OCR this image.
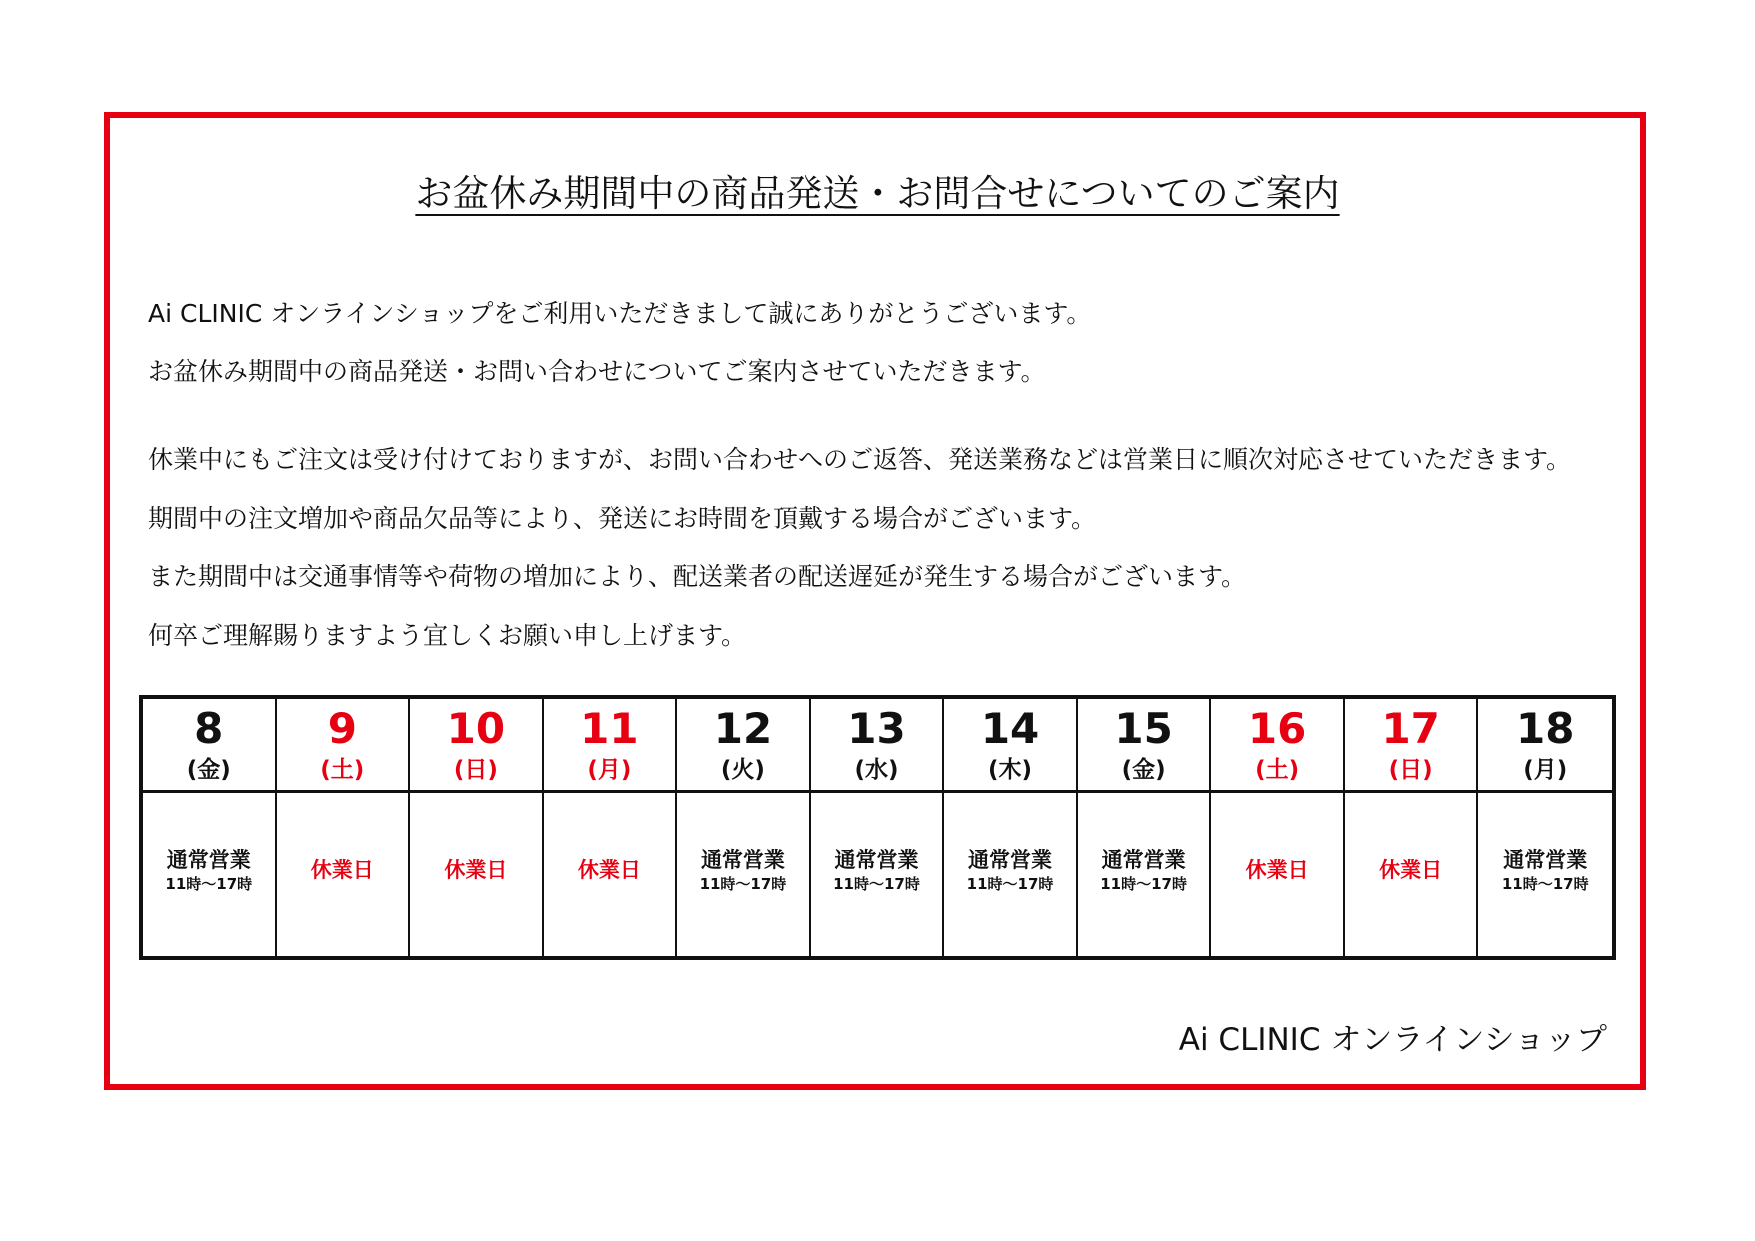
お盆休み期間中の商品発送・お問合せについてのご案内
Ai CLINIC オンラインショップをご利用いただきまして誠にありがとうございます。
お盆休み期間中の商品発送・お問い合わせについてご案内させていただきます。
休業中にもご注文は受け付けておりますが、お問い合わせへのご返答、発送業務などは営業日に順次対応させていただきます。
期間中の注文増加や商品欠品等により、発送にお時間を頂戴する場合がございます。
また期間中は交通事情等や荷物の増加により、配送業者の配送遅延が発生する場合がございます。
何卒ご理解賜りますよう宜しくお願い申し上げます。
8
(金)
通常営業
11時～17時
9
(土)
休業日
10
(日)
休業日
11
(月)
休業日
12
(火)
通常営業
11時～17時
13
(水)
通常営業
11時～17時
14
(木)
通常営業
11時～17時
15
(金)
通常営業
11時～17時
16
(土)
休業日
17
(日)
休業日
18
(月)
通常営業
11時～17時
Ai CLINIC オンラインショップ
